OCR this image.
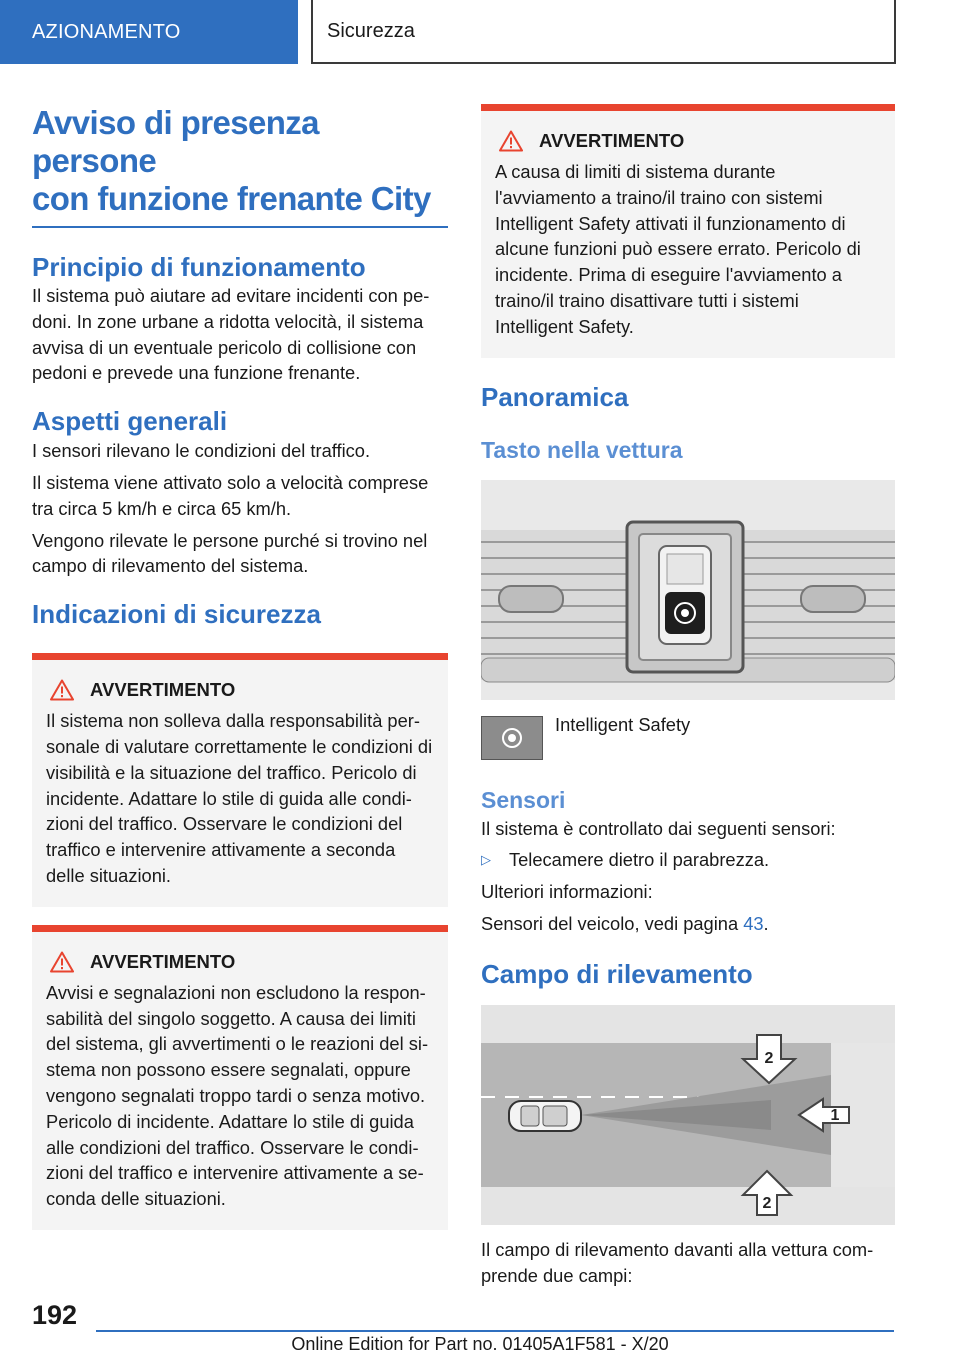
AZIONAMENTO	Sicurezza
Avviso di presenza persone
con funzione frenante City
Principio di funzionamento

Il sistema può aiutare ad evitare incidenti con pedoni. In zone urbane a ridotta velocità, il sistema avvisa di un eventuale pericolo di collisione con pedoni e prevede una funzione frenante.

Aspetti generali

I sensori rilevano le condizioni del traffico.

Il sistema viene attivato solo a velocità comprese tra circa 5 km/h e circa 65 km/h.

Vengono rilevate le persone purché si trovino nel campo di rilevamento del sistema.

Indicazioni di sicurezza
AVVERTIMENTO

Il sistema non solleva dalla responsabilità personale di valutare correttamente le condizioni di visibilità e la situazione del traffico. Pericolo di incidente. Adattare lo stile di guida alle condizioni del traffico. Osservare le condizioni del traffico e intervenire attivamente a seconda delle situazioni.

AVVERTIMENTO

Avvisi e segnalazioni non escludono la responsabilità del singolo soggetto. A causa dei limiti del sistema, gli avvertimenti o le reazioni del sistema non possono essere segnalati, oppure vengono segnalati troppo tardi o senza motivo. Pericolo di incidente. Adattare lo stile di guida alle condizioni del traffico. Osservare le condizioni del traffico e intervenire attivamente a seconda delle situazioni.

AVVERTIMENTO

A causa di limiti di sistema durante l'avviamento a traino/il traino con sistemi Intelligent Safety attivati il funzionamento di alcune funzioni può essere errato. Pericolo di incidente. Prima di eseguire l'avviamento a traino/il traino disattivare tutti i sistemi Intelligent Safety.

Panoramica
Tasto nella vettura

Intelligent Safety

Sensori

Il sistema è controllato dai seguenti sensori:

▷ Telecamere dietro il parabrezza.

Ulteriori informazioni:

Sensori del veicolo, vedi pagina 43.

Campo di rilevamento
2
1
2

Il campo di rilevamento davanti alla vettura comprende due campi:

192
Online Edition for Part no. 01405A1F581 - X/20
